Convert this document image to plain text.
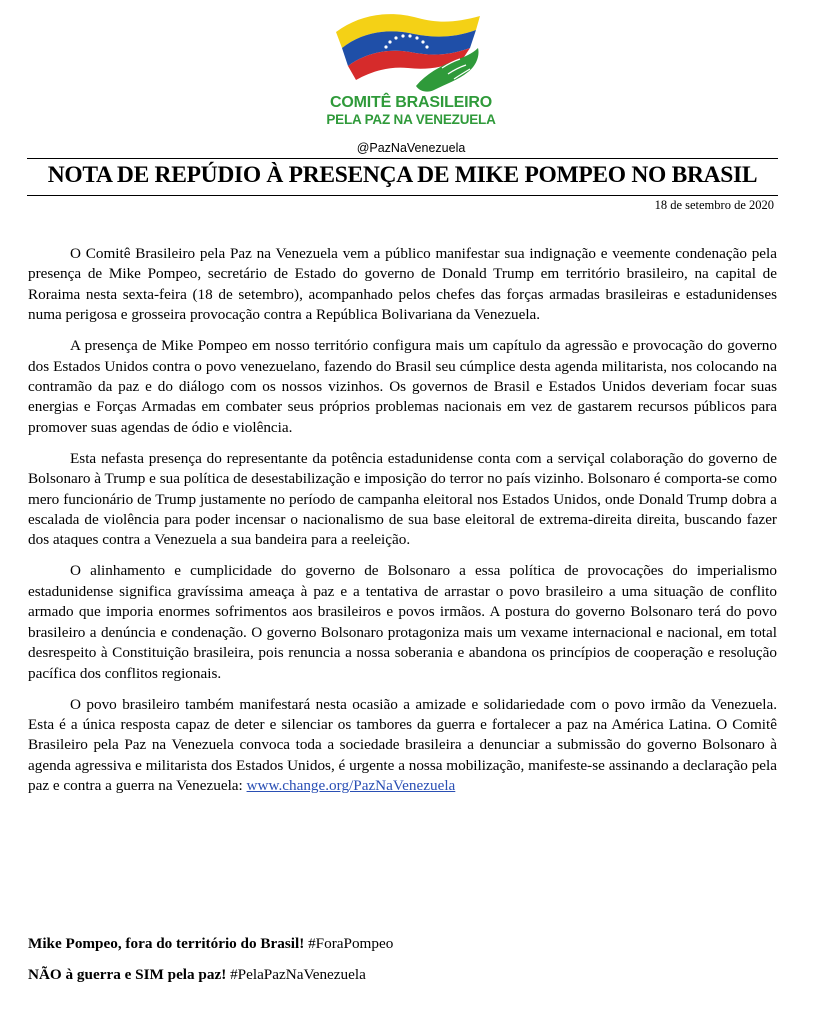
COMITÊ BRASILEIRO
PELA PAZ NA VENEZUELA
@PazNaVenezuela
NOTA DE REPÚDIO À PRESENÇA DE MIKE POMPEO NO BRASIL
18 de setembro de 2020

O Comitê Brasileiro pela Paz na Venezuela vem a público manifestar sua indignação e veemente condenação pela presença de Mike Pompeo, secretário de Estado do governo de Donald Trump em território brasileiro, na capital de Roraima nesta sexta-feira (18 de setembro), acompanhado pelos chefes das forças armadas brasileiras e estadunidenses numa perigosa e grosseira provocação contra a República Bolivariana da Venezuela.

A presença de Mike Pompeo em nosso território configura mais um capítulo da agressão e provocação do governo dos Estados Unidos contra o povo venezuelano, fazendo do Brasil seu cúmplice desta agenda militarista, nos colocando na contramão da paz e do diálogo com os nossos vizinhos. Os governos de Brasil e Estados Unidos deveriam focar suas energias e Forças Armadas em combater seus próprios problemas nacionais em vez de gastarem recursos públicos para promover suas agendas de ódio e violência.

Esta nefasta presença do representante da potência estadunidense conta com a serviçal colaboração do governo de Bolsonaro à Trump e sua política de desestabilização e imposição do terror no país vizinho. Bolsonaro é comporta-se como mero funcionário de Trump justamente no período de campanha eleitoral nos Estados Unidos, onde Donald Trump dobra a escalada de violência para poder incensar o nacionalismo de sua base eleitoral de extrema-direita direita, buscando fazer dos ataques contra a Venezuela a sua bandeira para a reeleição.

O alinhamento e cumplicidade do governo de Bolsonaro a essa política de provocações do imperialismo estadunidense significa gravíssima ameaça à paz e a tentativa de arrastar o povo brasileiro a uma situação de conflito armado que imporia enormes sofrimentos aos brasileiros e povos irmãos. A postura do governo Bolsonaro terá do povo brasileiro a denúncia e condenação. O governo Bolsonaro protagoniza mais um vexame internacional e nacional, em total desrespeito à Constituição brasileira, pois renuncia a nossa soberania e abandona os princípios de cooperação e resolução pacífica dos conflitos regionais.

O povo brasileiro também manifestará nesta ocasião a amizade e solidariedade com o povo irmão da Venezuela. Esta é a única resposta capaz de deter e silenciar os tambores da guerra e fortalecer a paz na América Latina. O Comitê Brasileiro pela Paz na Venezuela convoca toda a sociedade brasileira a denunciar a submissão do governo Bolsonaro à agenda agressiva e militarista dos Estados Unidos, é urgente a nossa mobilização, manifeste-se assinando a declaração pela paz e contra a guerra na Venezuela: www.change.org/PazNaVenezuela

Mike Pompeo, fora do território do Brasil! #ForaPompeo
NÃO à guerra e SIM pela paz! #PelaPazNaVenezuela
